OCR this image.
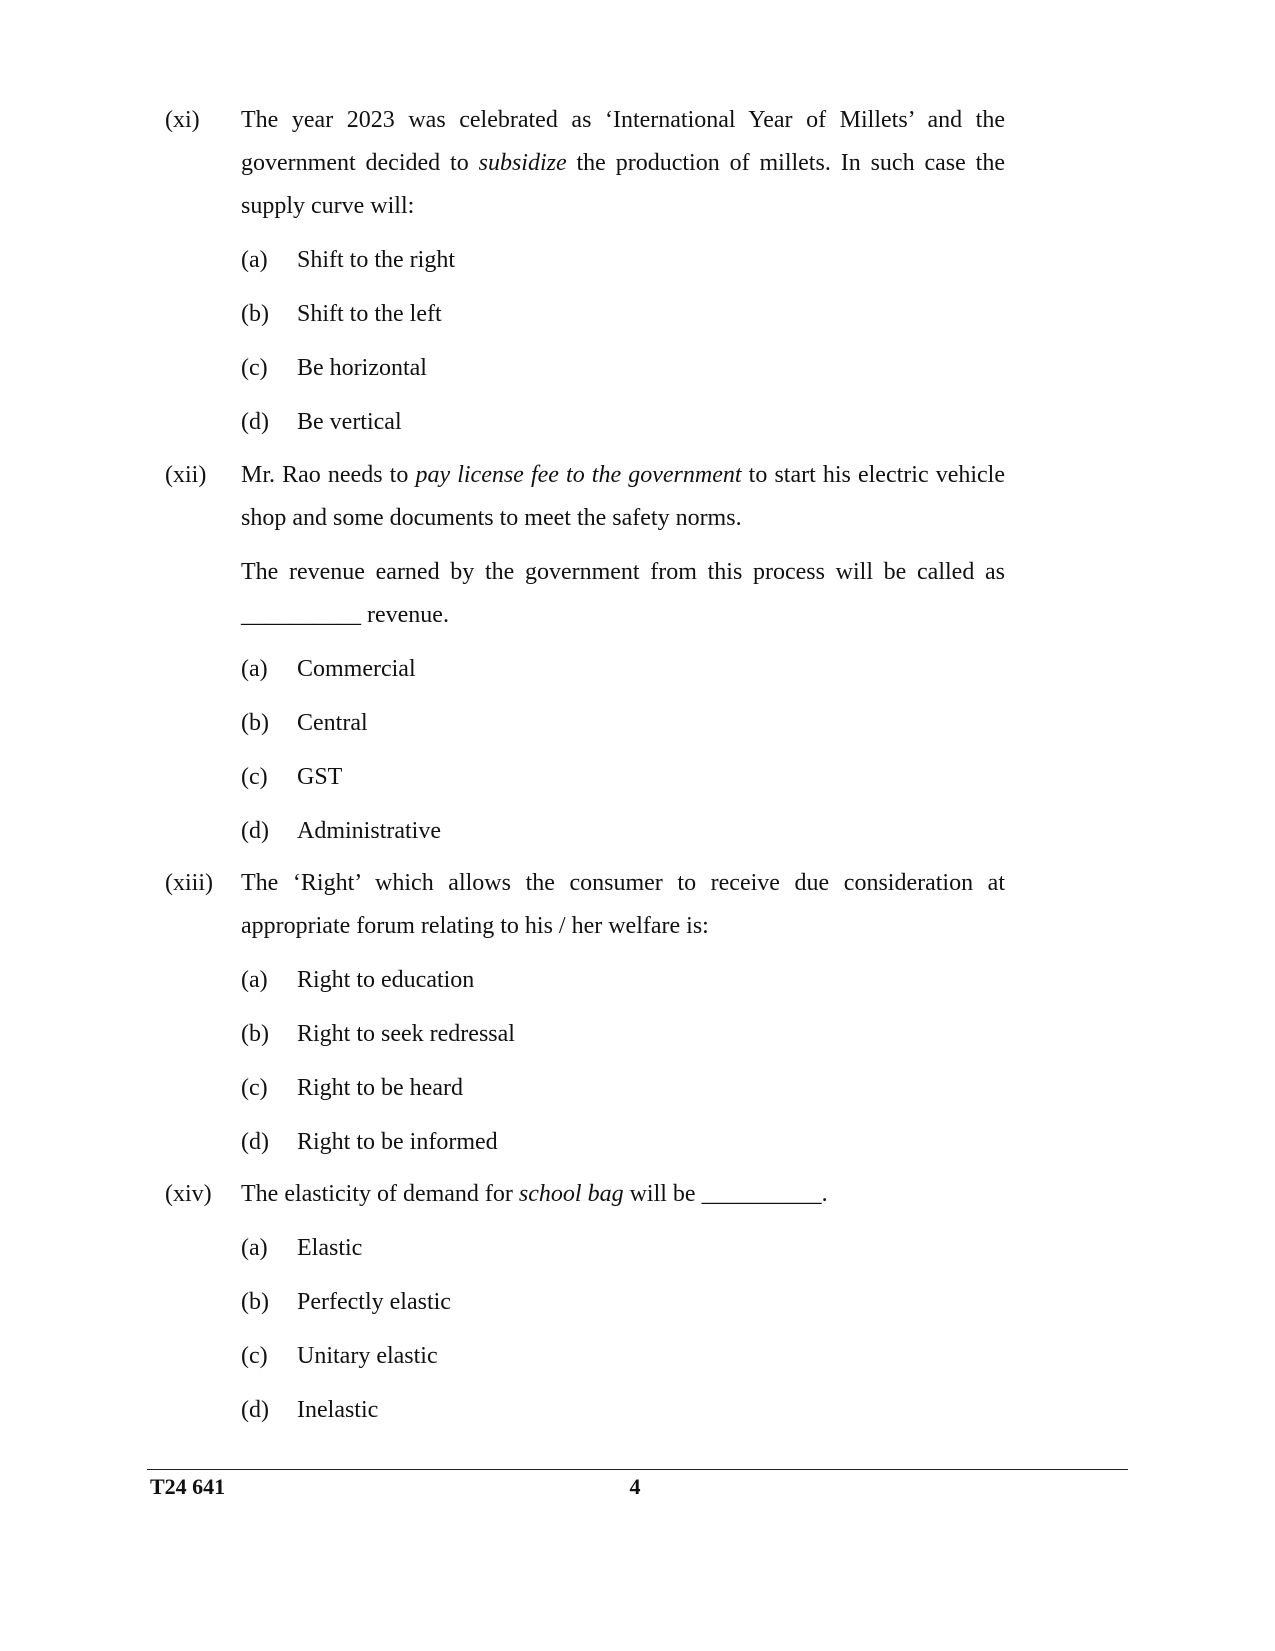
(xi) The year 2023 was celebrated as ‘International Year of Millets’ and the government decided to subsidize the production of millets. In such case the supply curve will:

(a)	Shift to the right
(b)	Shift to the left
(c)	Be horizontal
(d)	Be vertical
(xii) Mr. Rao needs to pay license fee to the government to start his electric vehicle shop and some documents to meet the safety norms.

The revenue earned by the government from this process will be called as __________ revenue.

(a)	Commercial
(b)	Central
(c)	GST
(d)	Administrative
(xiii) The ‘Right’ which allows the consumer to receive due consideration at appropriate forum relating to his / her welfare is:

(a)	Right to education
(b)	Right to seek redressal
(c)	Right to be heard
(d)	Right to be informed
(xiv) The elasticity of demand for school bag will be __________.

(a)	Elastic
(b)	Perfectly elastic
(c)	Unitary elastic
(d)	Inelastic
T24 641	4
